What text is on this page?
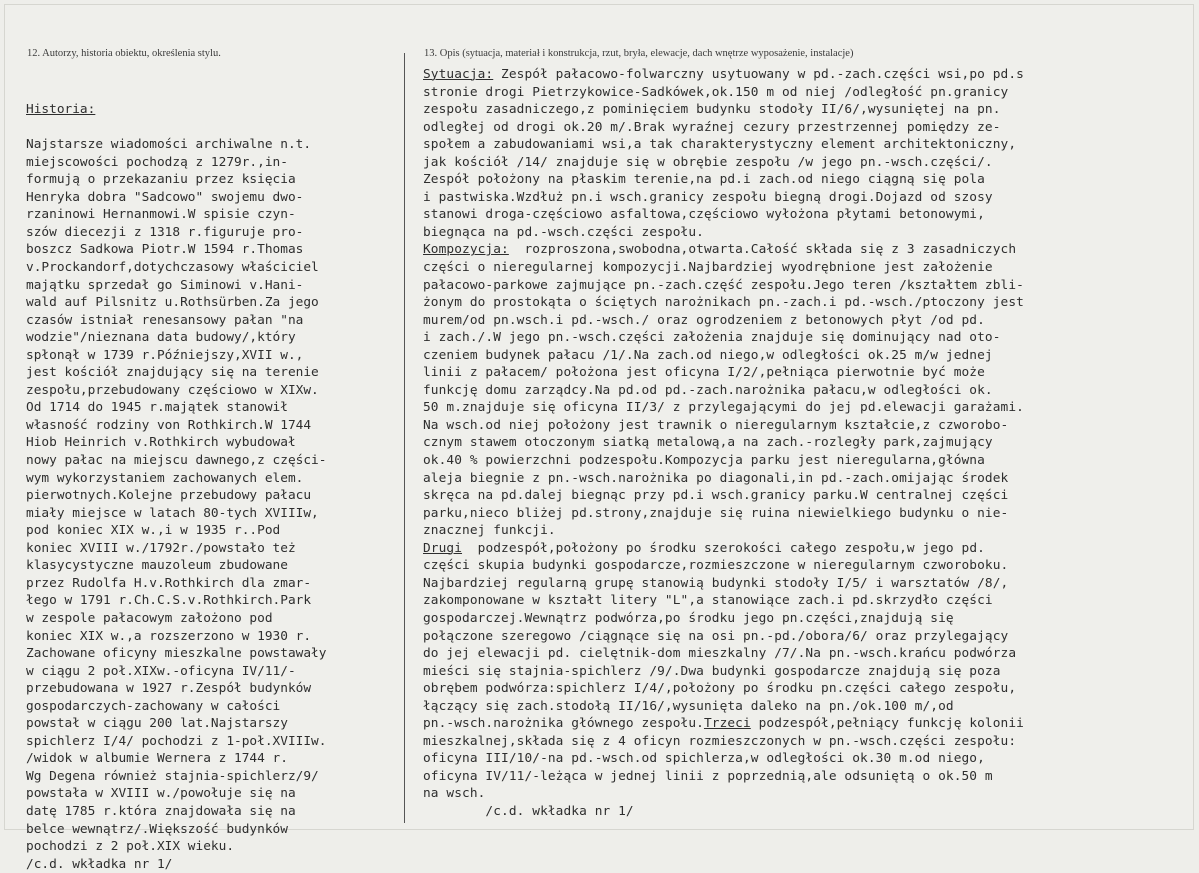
12. Autorzy, historia obiektu, określenia stylu.	13. Opis (sytuacja, materiał i konstrukcja, rzut, bryła, elewacje, dach wnętrze wyposażenie, instalacje)

Historia:

Najstarsze wiadomości archiwalne n.t.
miejscowości pochodzą z 1279r.,in-
formują o przekazaniu przez księcia
Henryka dobra "Sadcowo" swojemu dwo-
rzaninowi Hernanmowi.W spisie czyn-
szów diecezji z 1318 r.figuruje pro-
boszcz Sadkowa Piotr.W 1594 r.Thomas
v.Prockandorf,dotychczasowy właściciel
majątku sprzedał go Siminowi v.Hani-
wald auf Pilsnitz u.Rothsürben.Za jego
czasów istniał renesansowy pałan "na
wodzie"/nieznana data budowy/,który
spłonął w 1739 r.Późniejszy,XVII w.,
jest kościół znajdujący się na terenie
zespołu,przebudowany częściowo w XIXw.
Od 1714 do 1945 r.majątek stanowił
własność rodziny von Rothkirch.W 1744
Hiob Heinrich v.Rothkirch wybudował
nowy pałac na miejscu dawnego,z części-
wym wykorzystaniem zachowanych elem.
pierwotnych.Kolejne przebudowy pałacu
miały miejsce w latach 80-tych XVIIIw,
pod koniec XIX w.,i w 1935 r..Pod
koniec XVIII w./1792r./powstało też
klasycystyczne mauzoleum zbudowane
przez Rudolfa H.v.Rothkirch dla zmar-
łego w 1791 r.Ch.C.S.v.Rothkirch.Park
w zespole pałacowym założono pod
koniec XIX w.,a rozszerzono w 1930 r.
Zachowane oficyny mieszkalne powstawały
w ciągu 2 poł.XIXw.-oficyna IV/11/-
przebudowana w 1927 r.Zespół budynków
gospodarczych-zachowany w całości
powstał w ciągu 200 lat.Najstarszy
spichlerz I/4/ pochodzi z 1-poł.XVIIIw.
/widok w albumie Wernera z 1744 r.
Wg Degena również stajnia-spichlerz/9/
powstała w XVIII w./powołuje się na
datę 1785 r.która znajdowała się na
belce wewnątrz/.Większość budynków
pochodzi z 2 poł.XIX wieku.
/c.d. wkładka nr 1/
Sytuacja: Zespół pałacowo-folwarczny usytuowany w pd.-zach.części wsi,po pd.s
stronie drogi Pietrzykowice-Sadkówek,ok.150 m od niej /odległość pn.granicy
zespołu zasadniczego,z pominięciem budynku stodoły II/6/,wysuniętej na pn.
odległej od drogi ok.20 m/.Brak wyraźnej cezury przestrzennej pomiędzy ze-
społem a zabudowaniami wsi,a tak charakterystyczny element architektoniczny,
jak kościół /14/ znajduje się w obrębie zespołu /w jego pn.-wsch.części/.
Zespół położony na płaskim terenie,na pd.i zach.od niego ciągną się pola
i pastwiska.Wzdłuż pn.i wsch.granicy zespołu biegną drogi.Dojazd od szosy
stanowi droga-częściowo asfaltowa,częściowo wyłożona płytami betonowymi,
biegnąca na pd.-wsch.części zespołu.
Kompozycja:  rozproszona,swobodna,otwarta.Całość składa się z 3 zasadniczych
części o nieregularnej kompozycji.Najbardziej wyodrębnione jest założenie
pałacowo-parkowe zajmujące pn.-zach.część zespołu.Jego teren /kształtem zbli-
żonym do prostokąta o ściętych narożnikach pn.-zach.i pd.-wsch./ptoczony jest
murem/od pn.wsch.i pd.-wsch./ oraz ogrodzeniem z betonowych płyt /od pd.
i zach./.W jego pn.-wsch.części założenia znajduje się dominujący nad oto-
czeniem budynek pałacu /1/.Na zach.od niego,w odległości ok.25 m/w jednej
linii z pałacem/ położona jest oficyna I/2/,pełniąca pierwotnie być może
funkcję domu zarządcy.Na pd.od pd.-zach.narożnika pałacu,w odległości ok.
50 m.znajduje się oficyna II/3/ z przylegającymi do jej pd.elewacji garażami.
Na wsch.od niej położony jest trawnik o nieregularnym kształcie,z czworobo-
cznym stawem otoczonym siatką metalową,a na zach.-rozległy park,zajmujący
ok.40 % powierzchni podzespołu.Kompozycja parku jest nieregularna,główna
aleja biegnie z pn.-wsch.narożnika po diagonali,in pd.-zach.omijając środek
skręca na pd.dalej biegnąc przy pd.i wsch.granicy parku.W centralnej części
parku,nieco bliżej pd.strony,znajduje się ruina niewielkiego budynku o nie-
znacznej funkcji.
Drugi  podzespół,położony po środku szerokości całego zespołu,w jego pd.
części skupia budynki gospodarcze,rozmieszczone w nieregularnym czworoboku.
Najbardziej regularną grupę stanowią budynki stodoły I/5/ i warsztatów /8/,
zakomponowane w kształt litery "L",a stanowiące zach.i pd.skrzydło części
gospodarczej.Wewnątrz podwórza,po środku jego pn.części,znajdują się
połączone szeregowo /ciągnące się na osi pn.-pd./obora/6/ oraz przylegający
do jej elewacji pd. cielętnik-dom mieszkalny /7/.Na pn.-wsch.krańcu podwórza
mieści się stajnia-spichlerz /9/.Dwa budynki gospodarcze znajdują się poza
obrębem podwórza:spichlerz I/4/,położony po środku pn.części całego zespołu,
łączący się zach.stodołą II/16/,wysunięta daleko na pn./ok.100 m/,od
pn.-wsch.narożnika głównego zespołu.Trzeci podzespół,pełniący funkcję kolonii
mieszkalnej,składa się z 4 oficyn rozmieszczonych w pn.-wsch.części zespołu:
oficyna III/10/-na pd.-wsch.od spichlerza,w odległości ok.30 m.od niego,
oficyna IV/11/-leżąca w jednej linii z poprzednią,ale odsuniętą o ok.50 m
na wsch.
/c.d. wkładka nr 1/
